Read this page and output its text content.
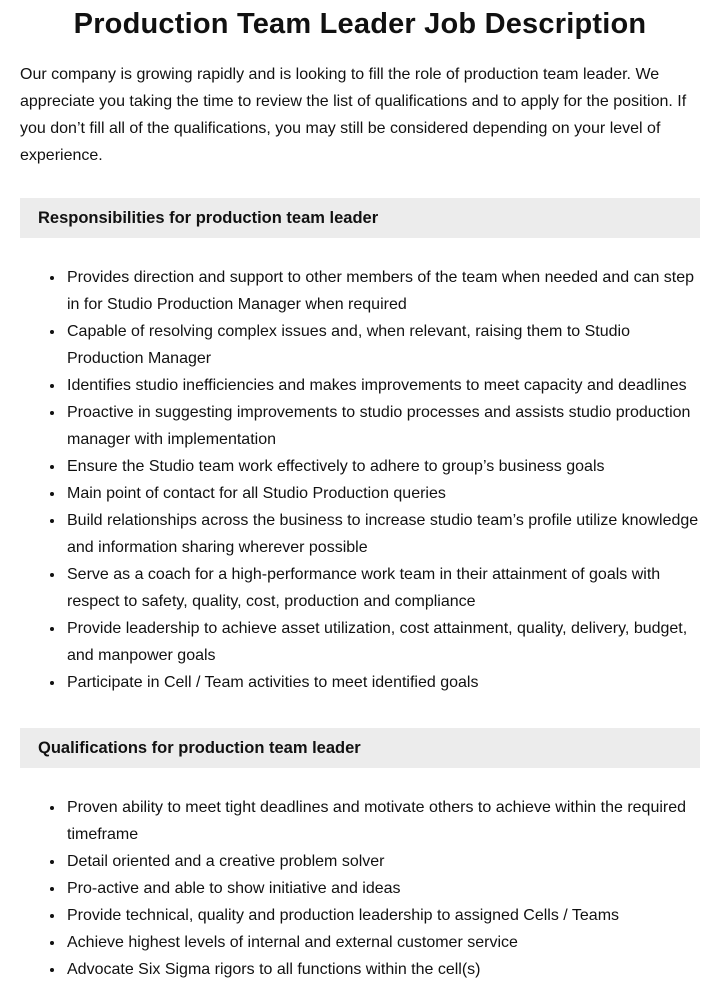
Production Team Leader Job Description

Our company is growing rapidly and is looking to fill the role of production team leader. We appreciate you taking the time to review the list of qualifications and to apply for the position. If you don’t fill all of the qualifications, you may still be considered depending on your level of experience.

Responsibilities for production team leader
• Provides direction and support to other members of the team when needed and can step in for Studio Production Manager when required
• Capable of resolving complex issues and, when relevant, raising them to Studio Production Manager
• Identifies studio inefficiencies and makes improvements to meet capacity and deadlines
• Proactive in suggesting improvements to studio processes and assists studio production manager with implementation
• Ensure the Studio team work effectively to adhere to group’s business goals
• Main point of contact for all Studio Production queries
• Build relationships across the business to increase studio team’s profile utilize knowledge and information sharing wherever possible
• Serve as a coach for a high-performance work team in their attainment of goals with respect to safety, quality, cost, production and compliance
• Provide leadership to achieve asset utilization, cost attainment, quality, delivery, budget, and manpower goals
• Participate in Cell / Team activities to meet identified goals
Qualifications for production team leader
• Proven ability to meet tight deadlines and motivate others to achieve within the required timeframe
• Detail oriented and a creative problem solver
• Pro-active and able to show initiative and ideas
• Provide technical, quality and production leadership to assigned Cells / Teams
• Achieve highest levels of internal and external customer service
• Advocate Six Sigma rigors to all functions within the cell(s)
